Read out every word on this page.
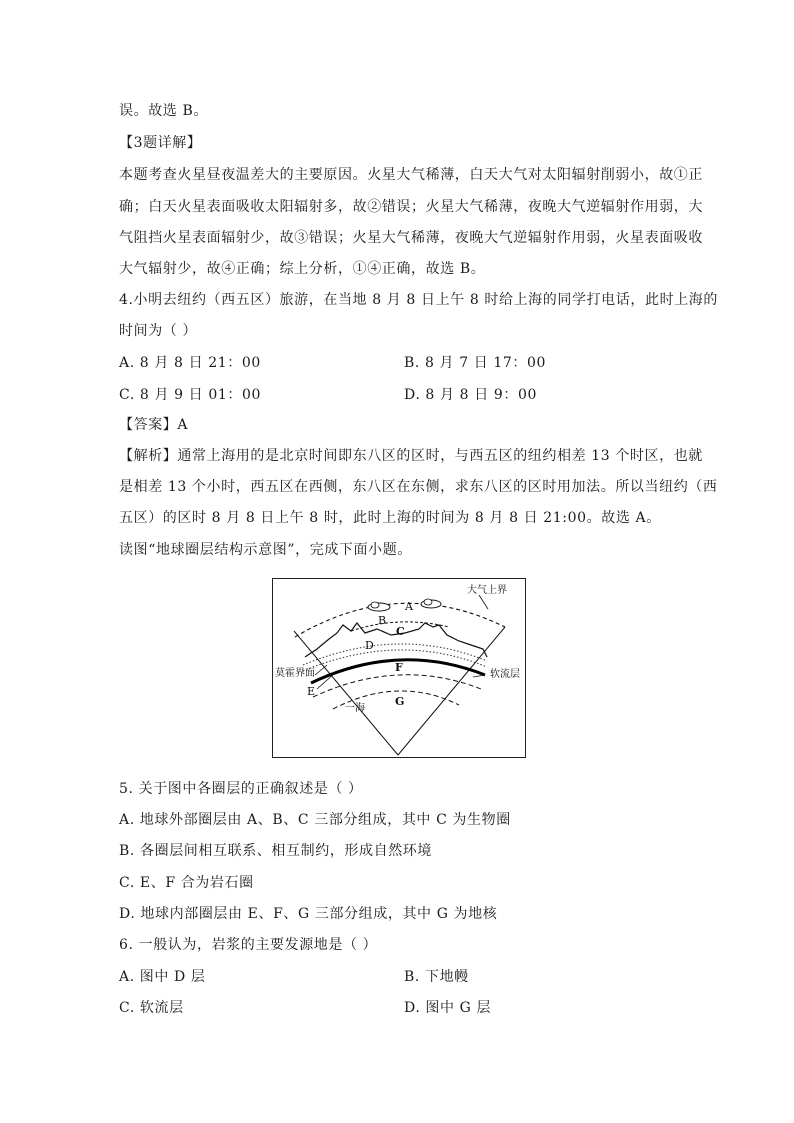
误。故选 B。
【3题详解】
本题考查火星昼夜温差大的主要原因。火星大气稀薄，白天大气对太阳辐射削弱小，故①正
确；白天火星表面吸收太阳辐射多，故②错误；火星大气稀薄，夜晚大气逆辐射作用弱，大
气阻挡火星表面辐射少，故③错误；火星大气稀薄，夜晚大气逆辐射作用弱，火星表面吸收
大气辐射少，故④正确；综上分析，①④正确，故选 B。
4.小明去纽约（西五区）旅游，在当地 8 月 8 日上午 8 时给上海的同学打电话，此时上海的
时间为（ ）
A. 8 月 8 日 21：00	B. 8 月 7 日 17：00
C. 8 月 9 日 01：00	D. 8 月 8 日 9：00
【答案】A
【解析】通常上海用的是北京时间即东八区的区时，与西五区的纽约相差 13 个时区，也就
是相差 13 个小时，西五区在西侧，东八区在东侧，求东八区的区时用加法。所以当纽约（西
五区）的区时 8 月 8 日上午 8 时，此时上海的时间为 8 月 8 日 21:00。故选 A。
读图“地球圈层结构示意图”，完成下面小题。
大气上界
莫霍界面	软流层
一海
A
B
C
D
E
F
G
5. 关于图中各圈层的正确叙述是（ ）
A. 地球外部圈层由 A、B、C 三部分组成，其中 C 为生物圈
B. 各圈层间相互联系、相互制约，形成自然环境
C. E、F 合为岩石圈
D. 地球内部圈层由 E、F、G 三部分组成，其中 G 为地核
6. 一般认为，岩浆的主要发源地是（ ）
A. 图中 D 层	B. 下地幔
C. 软流层	D. 图中 G 层
